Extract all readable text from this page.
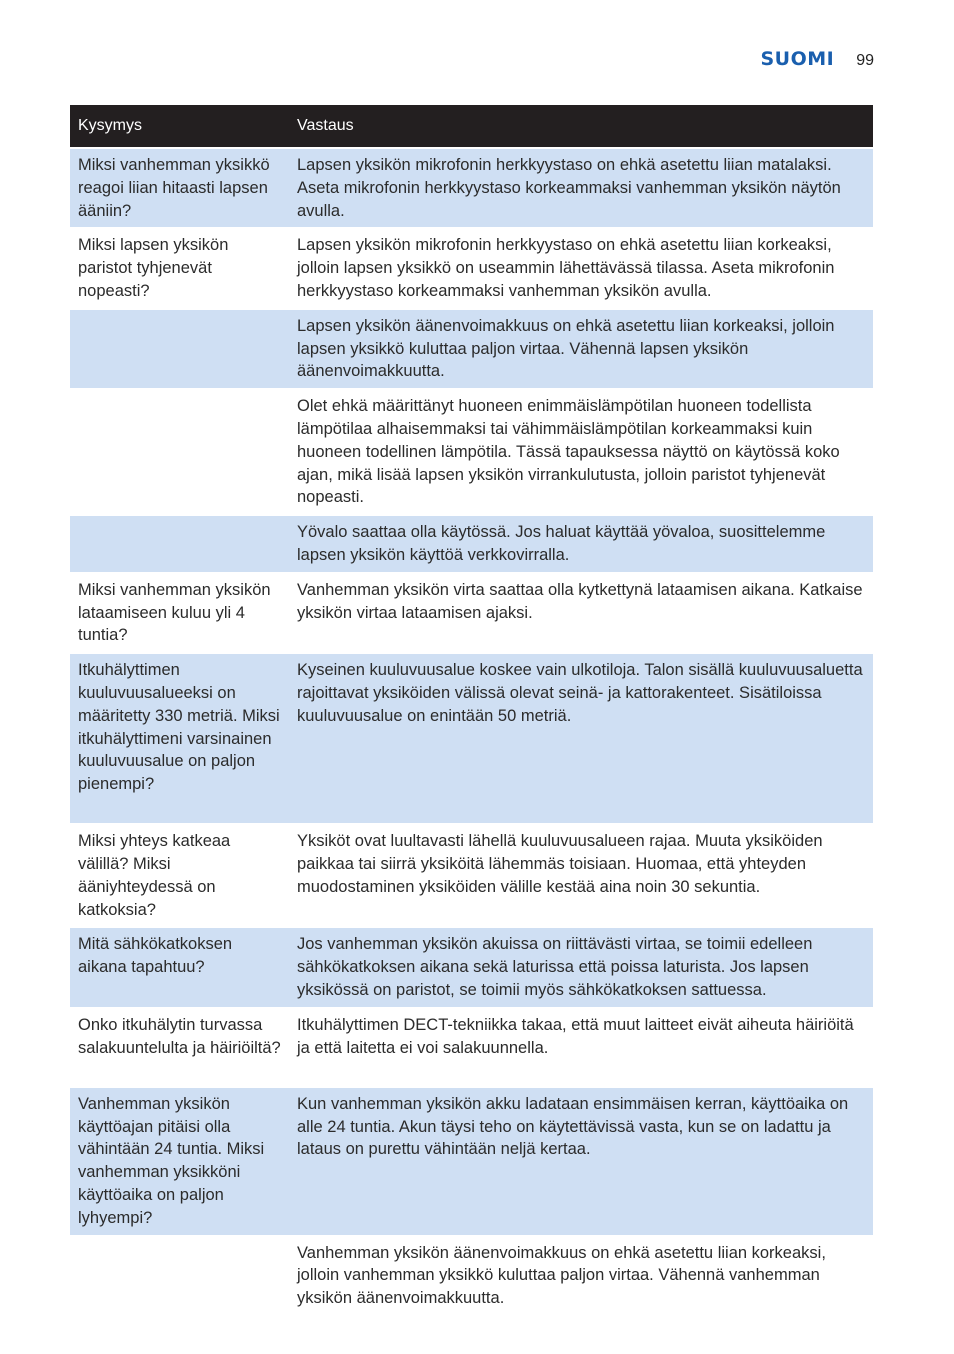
SUOMI 99
Kysymys	Vastaus
Miksi vanhemman yksikkö reagoi liian hitaasti lapsen ääniin?	Lapsen yksikön mikrofonin herkkyystaso on ehkä asetettu liian matalaksi. Aseta mikrofonin herkkyystaso korkeammaksi vanhemman yksikön näytön avulla.
Miksi lapsen yksikön paristot tyhjenevät nopeasti?	Lapsen yksikön mikrofonin herkkyystaso on ehkä asetettu liian korkeaksi, jolloin lapsen yksikkö on useammin lähettävässä tilassa. Aseta mikrofonin herkkyystaso korkeammaksi vanhemman yksikön avulla.
	Lapsen yksikön äänenvoimakkuus on ehkä asetettu liian korkeaksi, jolloin lapsen yksikkö kuluttaa paljon virtaa. Vähennä lapsen yksikön äänenvoimakkuutta.
	Olet ehkä määrittänyt huoneen enimmäislämpötilan huoneen todellista lämpötilaa alhaisemmaksi tai vähimmäislämpötilan korkeammaksi kuin huoneen todellinen lämpötila. Tässä tapauksessa näyttö on käytössä koko ajan, mikä lisää lapsen yksikön virrankulutusta, jolloin paristot tyhjenevät nopeasti.
	Yövalo saattaa olla käytössä. Jos haluat käyttää yövaloa, suosittelemme lapsen yksikön käyttöä verkkovirralla.
Miksi vanhemman yksikön lataamiseen kuluu yli 4 tuntia?	Vanhemman yksikön virta saattaa olla kytkettynä lataamisen aikana. Katkaise yksikön virtaa lataamisen ajaksi.
Itkuhälyttimen kuuluvuusalueeksi on määritetty 330 metriä. Miksi itkuhälyttimeni varsinainen kuuluvuusalue on paljon pienempi?	Kyseinen kuuluvuusalue koskee vain ulkotiloja. Talon sisällä kuuluvuusaluetta rajoittavat yksiköiden välissä olevat seinä- ja kattorakenteet. Sisätiloissa kuuluvuusalue on enintään 50 metriä.
Miksi yhteys katkeaa välillä? Miksi ääniyhteydessä on katkoksia?	Yksiköt ovat luultavasti lähellä kuuluvuusalueen rajaa. Muuta yksiköiden paikkaa tai siirrä yksiköitä lähemmäs toisiaan. Huomaa, että yhteyden muodostaminen yksiköiden välille kestää aina noin 30 sekuntia.
Mitä sähkökatkoksen aikana tapahtuu?	Jos vanhemman yksikön akuissa on riittävästi virtaa, se toimii edelleen sähkökatkoksen aikana sekä laturissa että poissa laturista. Jos lapsen yksikössä on paristot, se toimii myös sähkökatkoksen sattuessa.
Onko itkuhälytin turvassa salakuuntelulta ja häiriöiltä?	Itkuhälyttimen DECT-tekniikka takaa, että muut laitteet eivät aiheuta häiriöitä ja että laitetta ei voi salakuunnella.
Vanhemman yksikön käyttöajan pitäisi olla vähintään 24 tuntia. Miksi vanhemman yksikköni käyttöaika on paljon lyhyempi?	Kun vanhemman yksikön akku ladataan ensimmäisen kerran, käyttöaika on alle 24 tuntia. Akun täysi teho on käytettävissä vasta, kun se on ladattu ja lataus on purettu vähintään neljä kertaa.
	Vanhemman yksikön äänenvoimakkuus on ehkä asetettu liian korkeaksi, jolloin vanhemman yksikkö kuluttaa paljon virtaa. Vähennä vanhemman yksikön äänenvoimakkuutta.
